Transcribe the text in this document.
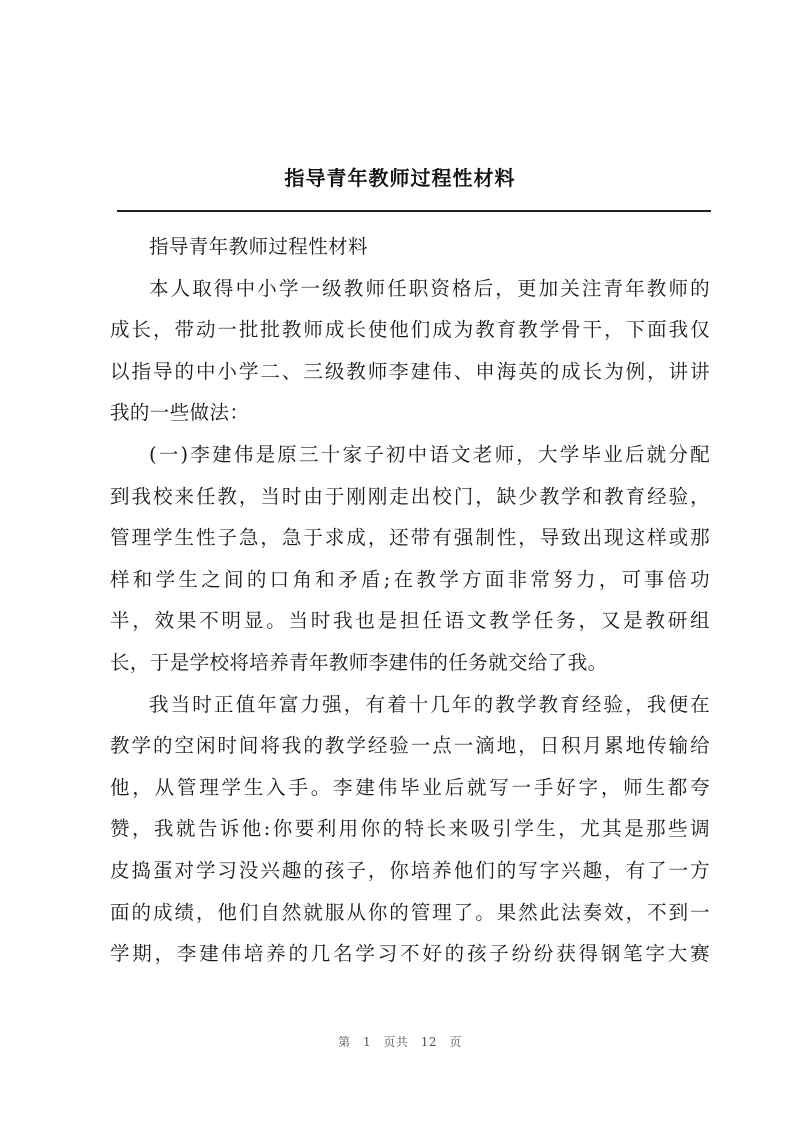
指导青年教师过程性材料
指导青年教师过程性材料
本人取得中小学一级教师任职资格后，更加关注青年教师的
成长，带动一批批教师成长使他们成为教育教学骨干，下面我仅
以指导的中小学二、三级教师李建伟、申海英的成长为例，讲讲
我的一些做法：
(一)李建伟是原三十家子初中语文老师，大学毕业后就分配
到我校来任教，当时由于刚刚走出校门，缺少教学和教育经验，
管理学生性子急，急于求成，还带有强制性，导致出现这样或那
样和学生之间的口角和矛盾;在教学方面非常努力，可事倍功
半，效果不明显。当时我也是担任语文教学任务，又是教研组
长，于是学校将培养青年教师李建伟的任务就交给了我。
我当时正值年富力强，有着十几年的教学教育经验，我便在
教学的空闲时间将我的教学经验一点一滴地，日积月累地传输给
他，从管理学生入手。李建伟毕业后就写一手好字，师生都夸
赞，我就告诉他:你要利用你的特长来吸引学生，尤其是那些调
皮捣蛋对学习没兴趣的孩子，你培养他们的写字兴趣，有了一方
面的成绩，他们自然就服从你的管理了。果然此法奏效，不到一
学期，李建伟培养的几名学习不好的孩子纷纷获得钢笔字大赛
第 1 页共 12 页
